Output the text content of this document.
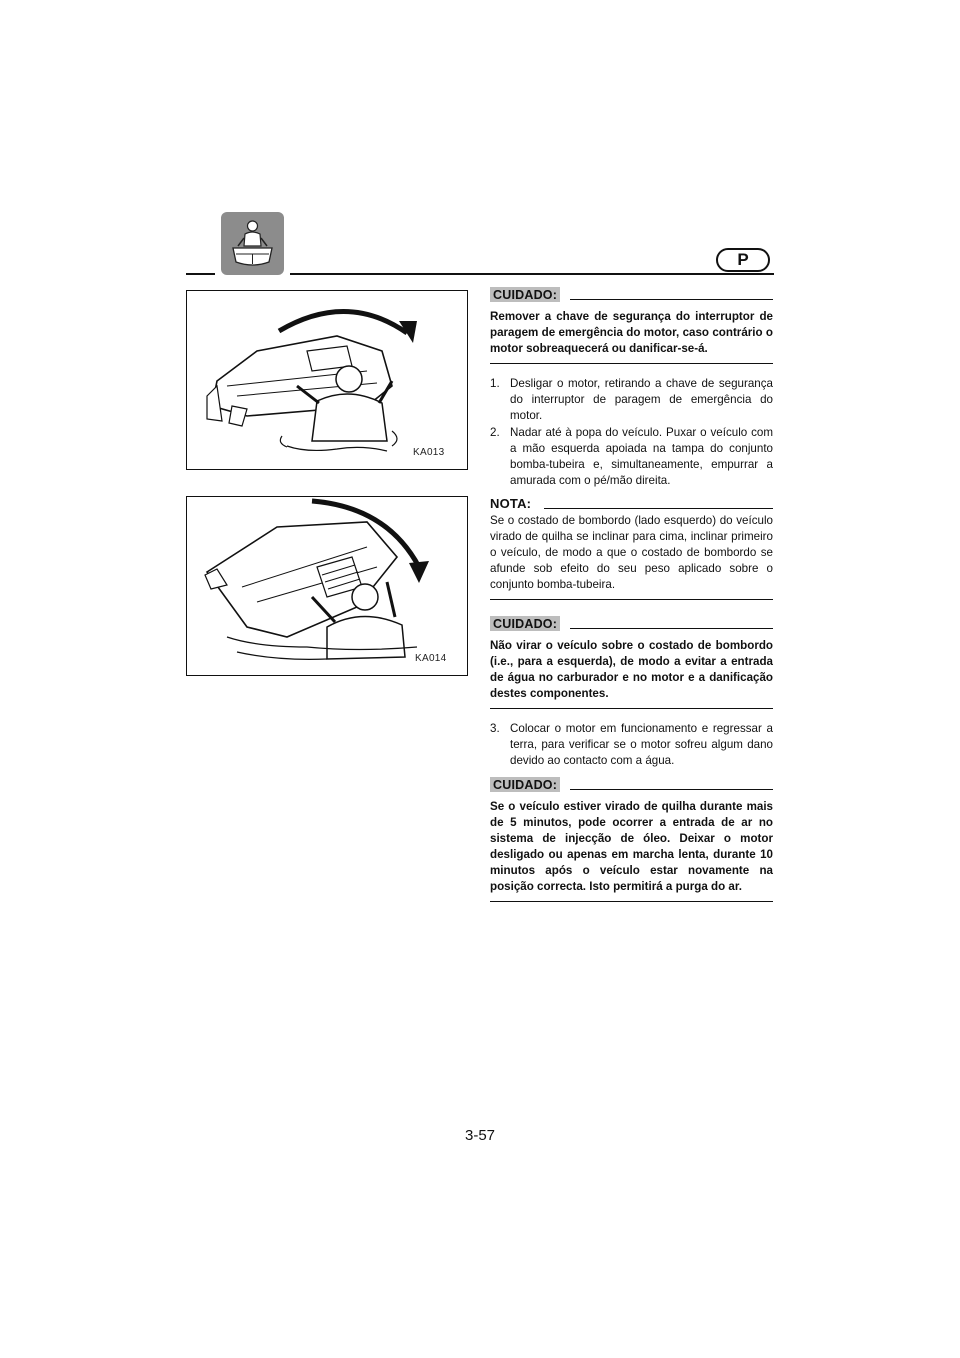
P
KA013
KA014
CUIDADO:

Remover a chave de segurança do interruptor de paragem de emergência do motor, caso contrário o motor sobreaquecerá ou danificar-se-á.

1. Desligar o motor, retirando a chave de segurança do interruptor de paragem de emergência do motor.
2. Nadar até à popa do veículo. Puxar o veículo com a mão esquerda apoiada na tampa do conjunto bomba-tubeira e, simultaneamente, empurrar a amurada com o pé/mão direita.
NOTA:

Se o costado de bombordo (lado esquerdo) do veículo virado de quilha se inclinar para cima, inclinar primeiro o veículo, de modo a que o costado de bombordo se afunde sob efeito do seu peso aplicado sobre o conjunto bomba-tubeira.

CUIDADO:

Não virar o veículo sobre o costado de bombordo (i.e., para a esquerda), de modo a evitar a entrada de água no carburador e no motor e a danificação destes componentes.

3. Colocar o motor em funcionamento e regressar a terra, para verificar se o motor sofreu algum dano devido ao contacto com a água.
CUIDADO:

Se o veículo estiver virado de quilha durante mais de 5 minutos, pode ocorrer a entrada de ar no sistema de injecção de óleo. Deixar o motor desligado ou apenas em marcha lenta, durante 10 minutos após o veículo estar novamente na posição correcta. Isto permitirá a purga do ar.

3-57
